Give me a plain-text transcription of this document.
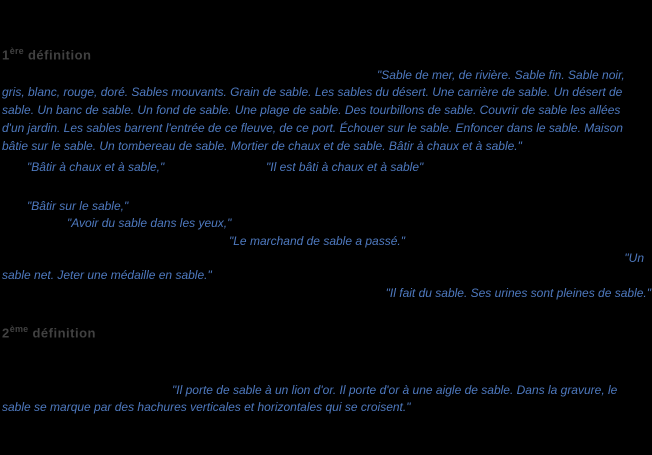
1ère définition
2ème définition
"Sable de mer, de rivière. Sable fin. Sable noir,
gris, blanc, rouge, doré. Sables mouvants. Grain de sable. Les sables du désert. Une carrière de sable. Un désert de
sable. Un banc de sable. Un fond de sable. Une plage de sable. Des tourbillons de sable. Couvrir de sable les allées
d'un jardin. Les sables barrent l'entrée de ce fleuve, de ce port. Échouer sur le sable. Enfoncer dans le sable. Maison
bâtie sur le sable. Un tombereau de sable. Mortier de chaux et de sable. Bâtir à chaux et à sable."
"Bâtir à chaux et à sable,"	"Il est bâti à chaux et à sable"
"Bâtir sur le sable,"
"Avoir du sable dans les yeux,"
"Le marchand de sable a passé."
"Un
sable net. Jeter une médaille en sable."
"Il fait du sable. Ses urines sont pleines de sable."
"Il porte de sable à un lion d'or. Il porte d'or à une aigle de sable. Dans la gravure, le
sable se marque par des hachures verticales et horizontales qui se croisent."
